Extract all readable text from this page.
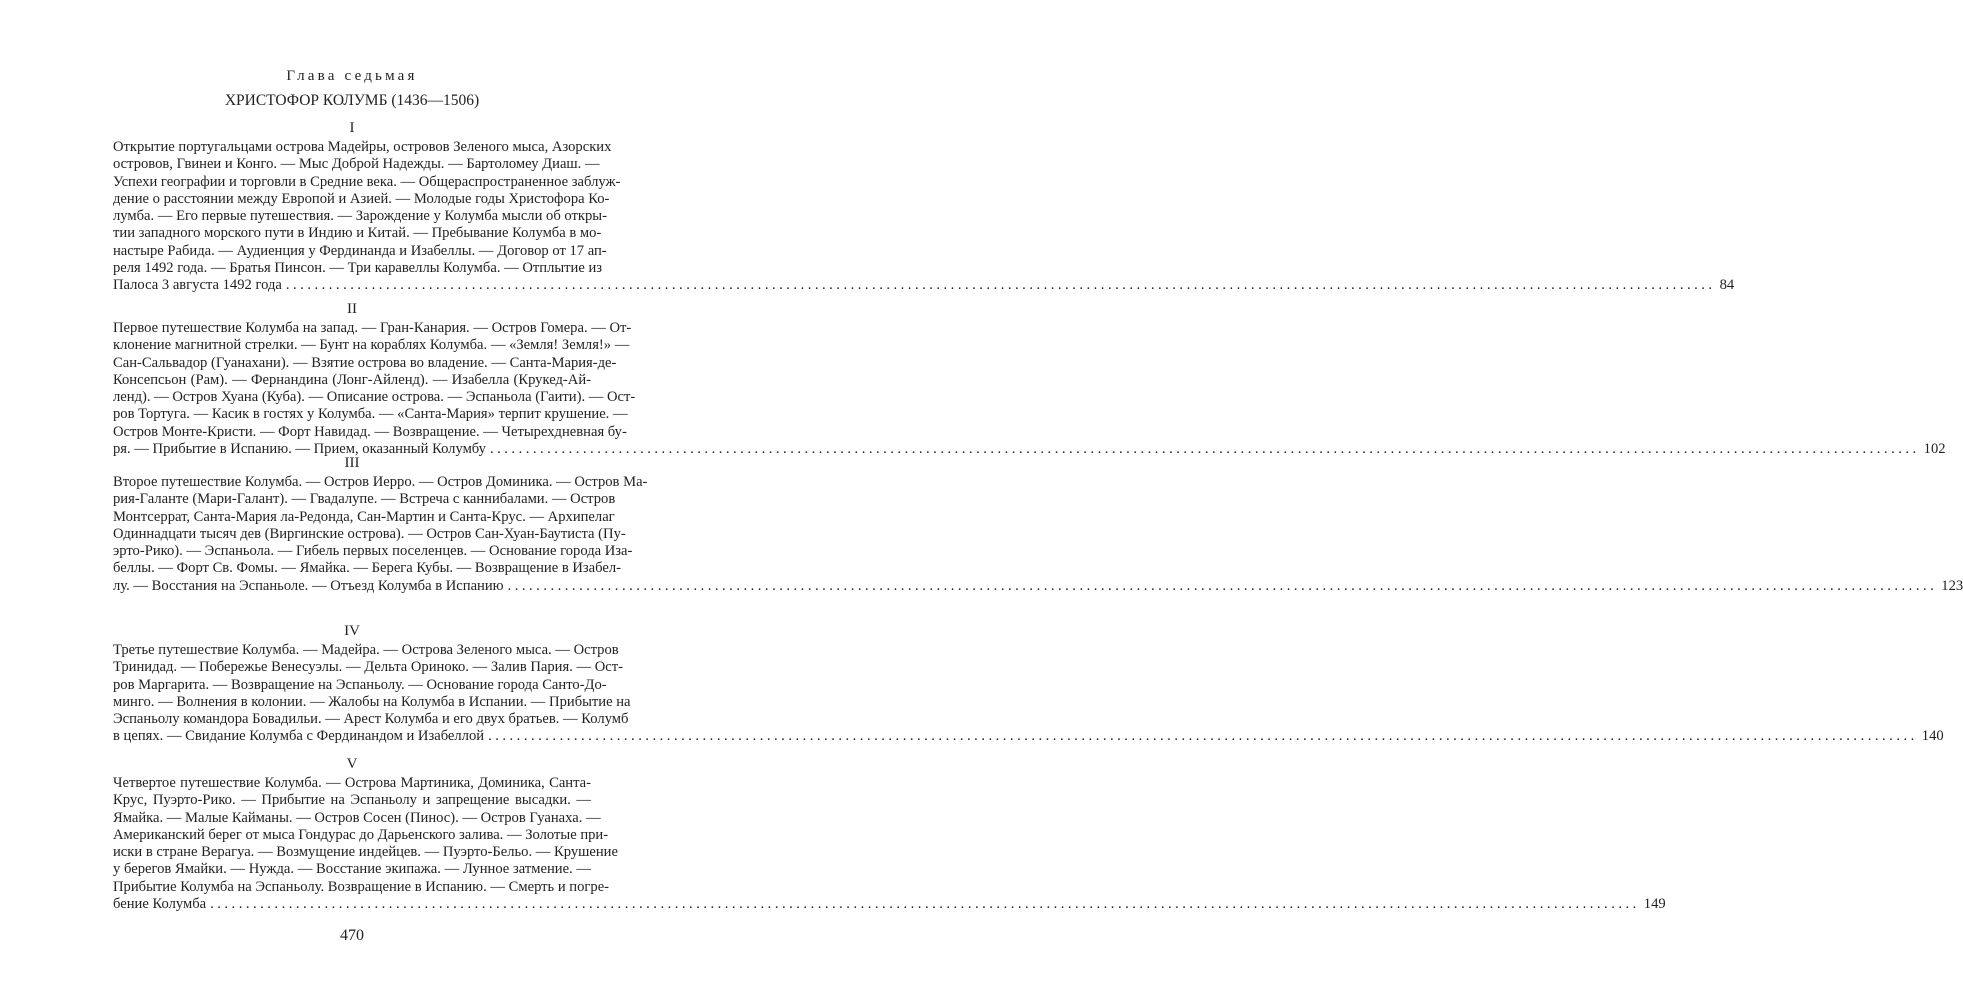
Глава седьмая
ХРИСТОФОР КОЛУМБ (1436—1506)
I
Открытие португальцами острова Мадейры, островов Зеленого мыса, Азорских
островов, Гвинеи и Конго. — Мыс Доброй Надежды. — Бартоломеу Диаш. —
Успехи географии и торговли в Средние века. — Общераспространенное заблуж-
дение о расстоянии между Европой и Азией. — Молодые годы Христофора Ко-
лумба. — Его первые путешествия. — Зарождение у Колумба мысли об откры-
тии западного морского пути в Индию и Китай. — Пребывание Колумба в мо-
настыре Рабида. — Аудиенция у Фердинанда и Изабеллы. — Договор от 17 ап-
реля 1492 года. — Братья Пинсон. — Три каравеллы Колумба. — Отплытие из
Палоса 3 августа 1492 года ........................................................................................................................................................................................................ 84
II
Первое путешествие Колумба на запад. — Гран-Канария. — Остров Гомера. — От-
клонение магнитной стрелки. — Бунт на кораблях Колумба. — «Земля! Земля!» —
Сан-Сальвадор (Гуанахани). — Взятие острова во владение. — Санта-Мария-де-
Консепсьон (Рам). — Фернандина (Лонг-Айленд). — Изабелла (Крукед-Ай-
ленд). — Остров Хуана (Куба). — Описание острова. — Эспаньола (Гаити). — Ост-
ров Тортуга. — Касик в гостях у Колумба. — «Санта-Мария» терпит крушение. —
Остров Монте-Кристи. — Форт Навидад. — Возвращение. — Четырехдневная бу-
ря. — Прибытие в Испанию. — Прием, оказанный Колумбу ........................................................................................................................................................................................................ 102
III
Второе путешествие Колумба. — Остров Иерро. — Остров Доминика. — Остров Ма-
рия-Галанте (Мари-Галант). — Гвадалупе. — Встреча с каннибалами. — Остров
Монтсеррат, Санта-Мария ла-Редонда, Сан-Мартин и Санта-Крус. — Архипелаг
Одиннадцати тысяч дев (Виргинские острова). — Остров Сан-Хуан-Баутиста (Пу-
эрто-Рико). — Эспаньола. — Гибель первых поселенцев. — Основание города Иза-
беллы. — Форт Св. Фомы. — Ямайка. — Берега Кубы. — Возвращение в Изабел-
лу. — Восстания на Эспаньоле. — Отъезд Колумба в Испанию ........................................................................................................................................................................................................ 123
IV
Третье путешествие Колумба. — Мадейра. — Острова Зеленого мыса. — Остров
Тринидад. — Побережье Венесуэлы. — Дельта Ориноко. — Залив Пария. — Ост-
ров Маргарита. — Возвращение на Эспаньолу. — Основание города Санто-До-
минго. — Волнения в колонии. — Жалобы на Колумба в Испании. — Прибытие на
Эспаньолу командора Бовадильи. — Арест Колумба и его двух братьев. — Колумб
в цепях. — Свидание Колумба с Фердинандом и Изабеллой ........................................................................................................................................................................................................ 140
V
Четвертое путешествие Колумба. — Острова Мартиника, Доминика, Санта-
Крус, Пуэрто-Рико. — Прибытие на Эспаньолу и запрещение высадки. —
Ямайка. — Малые Кайманы. — Остров Сосен (Пинос). — Остров Гуанаха. —
Американский берег от мыса Гондурас до Дарьенского залива. — Золотые при-
иски в стране Верагуа. — Возмущение индейцев. — Пуэрто-Бельо. — Крушение
у берегов Ямайки. — Нужда. — Восстание экипажа. — Лунное затмение. —
Прибытие Колумба на Эспаньолу. Возвращение в Испанию. — Смерть и погре-
бение Колумба ........................................................................................................................................................................................................ 149
470
